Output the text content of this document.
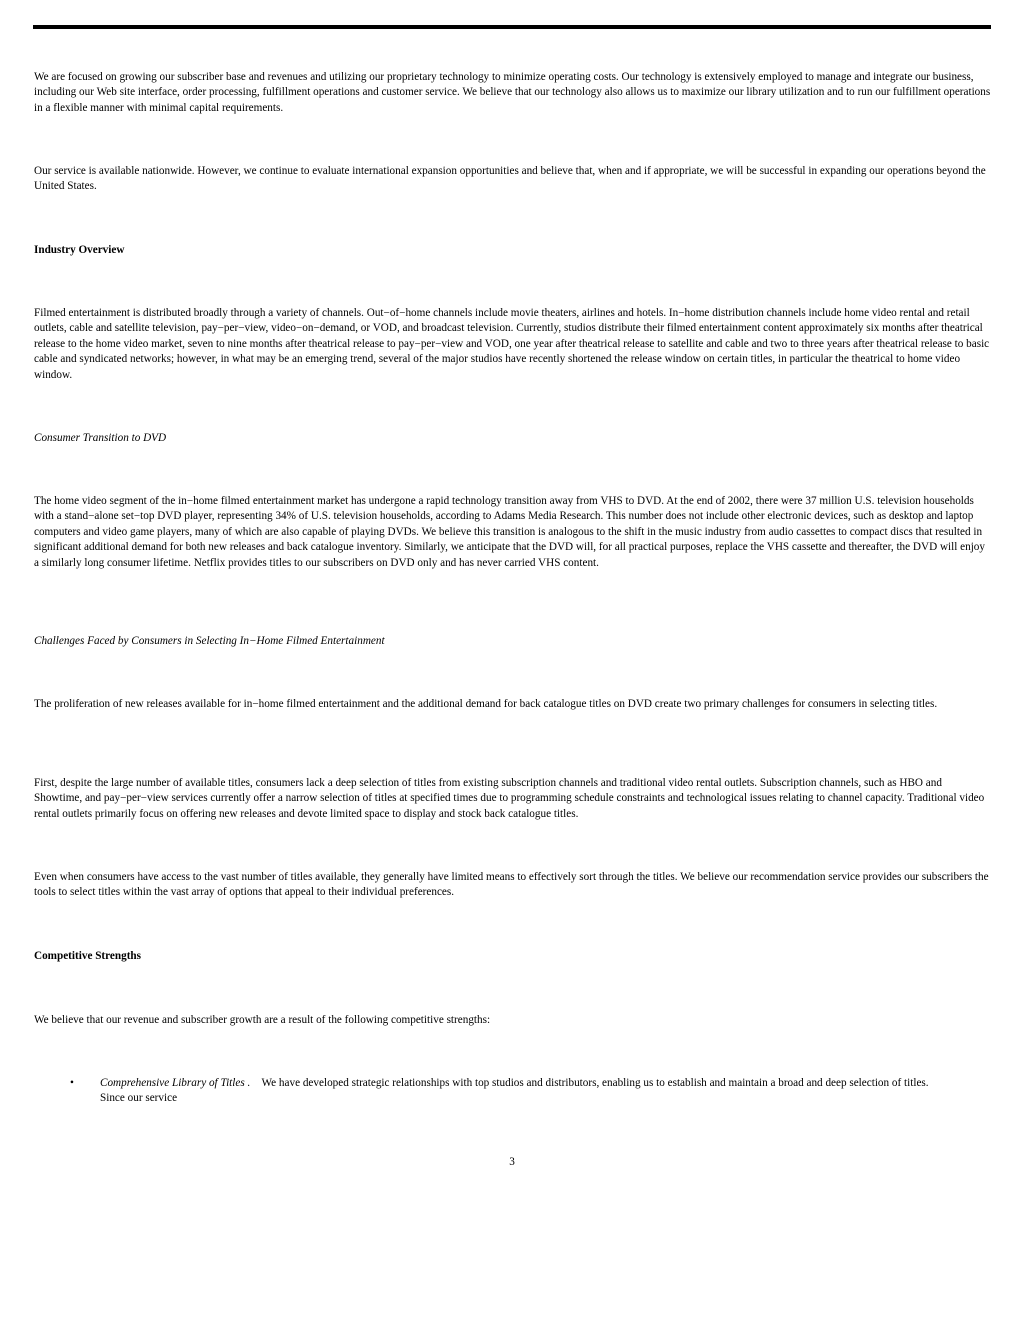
We are focused on growing our subscriber base and revenues and utilizing our proprietary technology to minimize operating costs. Our technology is extensively employed to manage and integrate our business, including our Web site interface, order processing, fulfillment operations and customer service. We believe that our technology also allows us to maximize our library utilization and to run our fulfillment operations in a flexible manner with minimal capital requirements.

Our service is available nationwide. However, we continue to evaluate international expansion opportunities and believe that, when and if appropriate, we will be successful in expanding our operations beyond the United States.

Industry Overview

Filmed entertainment is distributed broadly through a variety of channels. Out−of−home channels include movie theaters, airlines and hotels. In−home distribution channels include home video rental and retail outlets, cable and satellite television, pay−per−view, video−on−demand, or VOD, and broadcast television. Currently, studios distribute their filmed entertainment content approximately six months after theatrical release to the home video market, seven to nine months after theatrical release to pay−per−view and VOD, one year after theatrical release to satellite and cable and two to three years after theatrical release to basic cable and syndicated networks; however, in what may be an emerging trend, several of the major studios have recently shortened the release window on certain titles, in particular the theatrical to home video window.

Consumer Transition to DVD

The home video segment of the in−home filmed entertainment market has undergone a rapid technology transition away from VHS to DVD. At the end of 2002, there were 37 million U.S. television households with a stand−alone set−top DVD player, representing 34% of U.S. television households, according to Adams Media Research. This number does not include other electronic devices, such as desktop and laptop computers and video game players, many of which are also capable of playing DVDs. We believe this transition is analogous to the shift in the music industry from audio cassettes to compact discs that resulted in significant additional demand for both new releases and back catalogue inventory. Similarly, we anticipate that the DVD will, for all practical purposes, replace the VHS cassette and thereafter, the DVD will enjoy a similarly long consumer lifetime. Netflix provides titles to our subscribers on DVD only and has never carried VHS content.

Challenges Faced by Consumers in Selecting In−Home Filmed Entertainment

The proliferation of new releases available for in−home filmed entertainment and the additional demand for back catalogue titles on DVD create two primary challenges for consumers in selecting titles.

First, despite the large number of available titles, consumers lack a deep selection of titles from existing subscription channels and traditional video rental outlets. Subscription channels, such as HBO and Showtime, and pay−per−view services currently offer a narrow selection of titles at specified times due to programming schedule constraints and technological issues relating to channel capacity. Traditional video rental outlets primarily focus on offering new releases and devote limited space to display and stock back catalogue titles.

Even when consumers have access to the vast number of titles available, they generally have limited means to effectively sort through the titles. We believe our recommendation service provides our subscribers the tools to select titles within the vast array of options that appeal to their individual preferences.

Competitive Strengths

We believe that our revenue and subscriber growth are a result of the following competitive strengths:

• Comprehensive Library of Titles . We have developed strategic relationships with top studios and distributors, enabling us to establish and maintain a broad and deep selection of titles. Since our service

3
